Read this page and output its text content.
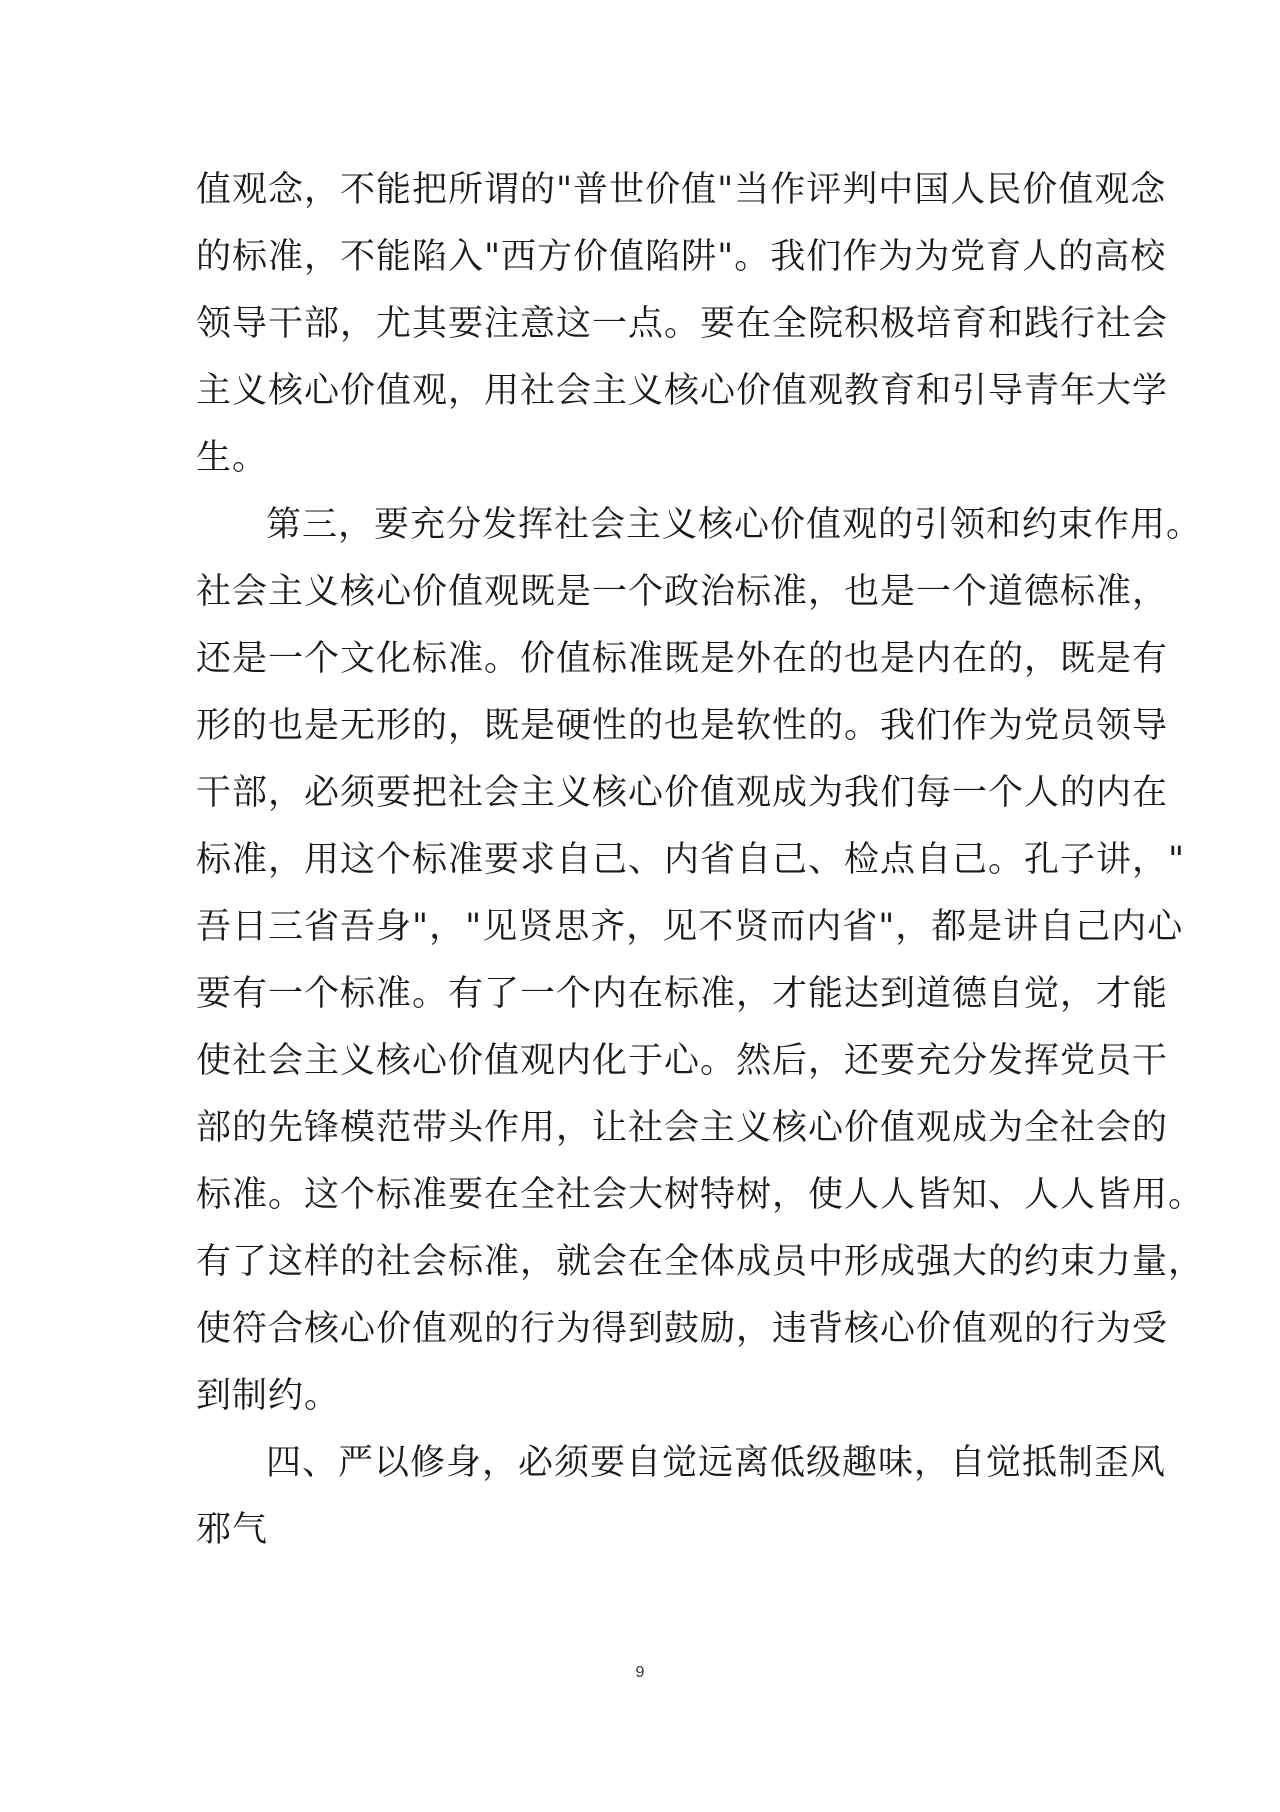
值观念，不能把所谓的"普世价值"当作评判中国人民价值观念
的标准，不能陷入"西方价值陷阱"。我们作为为党育人的高校
领导干部，尤其要注意这一点。要在全院积极培育和践行社会
主义核心价值观，用社会主义核心价值观教育和引导青年大学
生。
第三，要充分发挥社会主义核心价值观的引领和约束作用。
社会主义核心价值观既是一个政治标准，也是一个道德标准，
还是一个文化标准。价值标准既是外在的也是内在的，既是有
形的也是无形的，既是硬性的也是软性的。我们作为党员领导
干部，必须要把社会主义核心价值观成为我们每一个人的内在
标准，用这个标准要求自己、内省自己、检点自己。孔子讲，"
吾日三省吾身"，"见贤思齐，见不贤而内省"，都是讲自己内心
要有一个标准。有了一个内在标准，才能达到道德自觉，才能
使社会主义核心价值观内化于心。然后，还要充分发挥党员干
部的先锋模范带头作用，让社会主义核心价值观成为全社会的
标准。这个标准要在全社会大树特树，使人人皆知、人人皆用。
有了这样的社会标准，就会在全体成员中形成强大的约束力量，
使符合核心价值观的行为得到鼓励，违背核心价值观的行为受
到制约。
四、严以修身，必须要自觉远离低级趣味，自觉抵制歪风
邪气
9
